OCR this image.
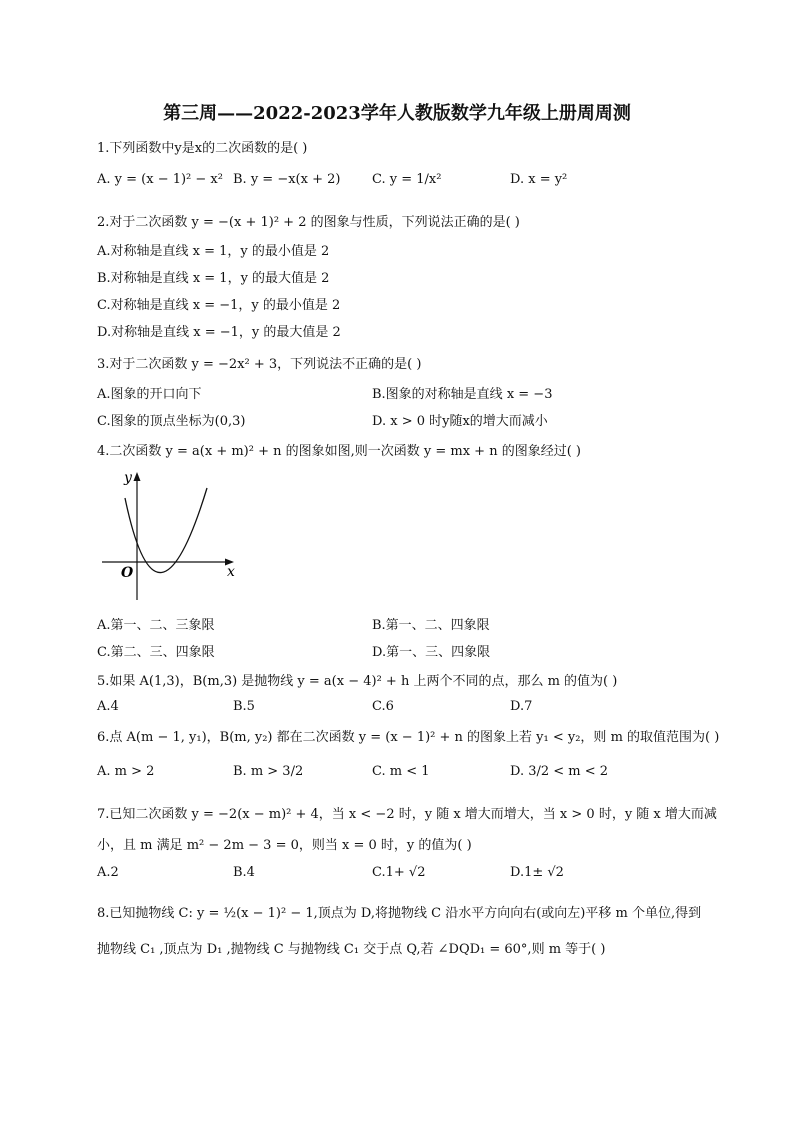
第三周——2022-2023学年人教版数学九年级上册周周测
1.下列函数中y是x的二次函数的是( )
A. y = (x − 1)² − x² B. y = −x(x + 2) C. y = 1/x²	D. x = y²
2.对于二次函数 y = −(x + 1)² + 2 的图象与性质，下列说法正确的是( )
A.对称轴是直线 x = 1，y 的最小值是 2
B.对称轴是直线 x = 1，y 的最大值是 2
C.对称轴是直线 x = −1，y 的最小值是 2
D.对称轴是直线 x = −1，y 的最大值是 2
3.对于二次函数 y = −2x² + 3，下列说法不正确的是( )
A.图象的开口向下	B.图象的对称轴是直线 x = −3
C.图象的顶点坐标为(0,3)	D. x > 0 时y随x的增大而减小
4.二次函数 y = a(x + m)² + n 的图象如图,则一次函数 y = mx + n 的图象经过( )
y
x
O
A.第一、二、三象限	B.第一、二、四象限
C.第二、三、四象限	D.第一、三、四象限
5.如果 A(1,3)，B(m,3) 是抛物线 y = a(x − 4)² + h 上两个不同的点，那么 m 的值为( )
A.4	B.5	C.6	D.7
6.点 A(m − 1, y₁)，B(m, y₂) 都在二次函数 y = (x − 1)² + n 的图象上若 y₁ < y₂，则 m 的取值范围为( )
A. m > 2	B. m > 3/2	C. m < 1	D. 3/2 < m < 2
7.已知二次函数 y = −2(x − m)² + 4，当 x < −2 时，y 随 x 增大而增大，当 x > 0 时，y 随 x 增大而减
小，且 m 满足 m² − 2m − 3 = 0，则当 x = 0 时，y 的值为( )
A.2	B.4	C.1+ √2	D.1± √2
8.已知抛物线 C: y = ½(x − 1)² − 1,顶点为 D,将抛物线 C 沿水平方向向右(或向左)平移 m 个单位,得到
抛物线 C₁ ,顶点为 D₁ ,抛物线 C 与抛物线 C₁ 交于点 Q,若 ∠DQD₁ = 60°,则 m 等于( )
